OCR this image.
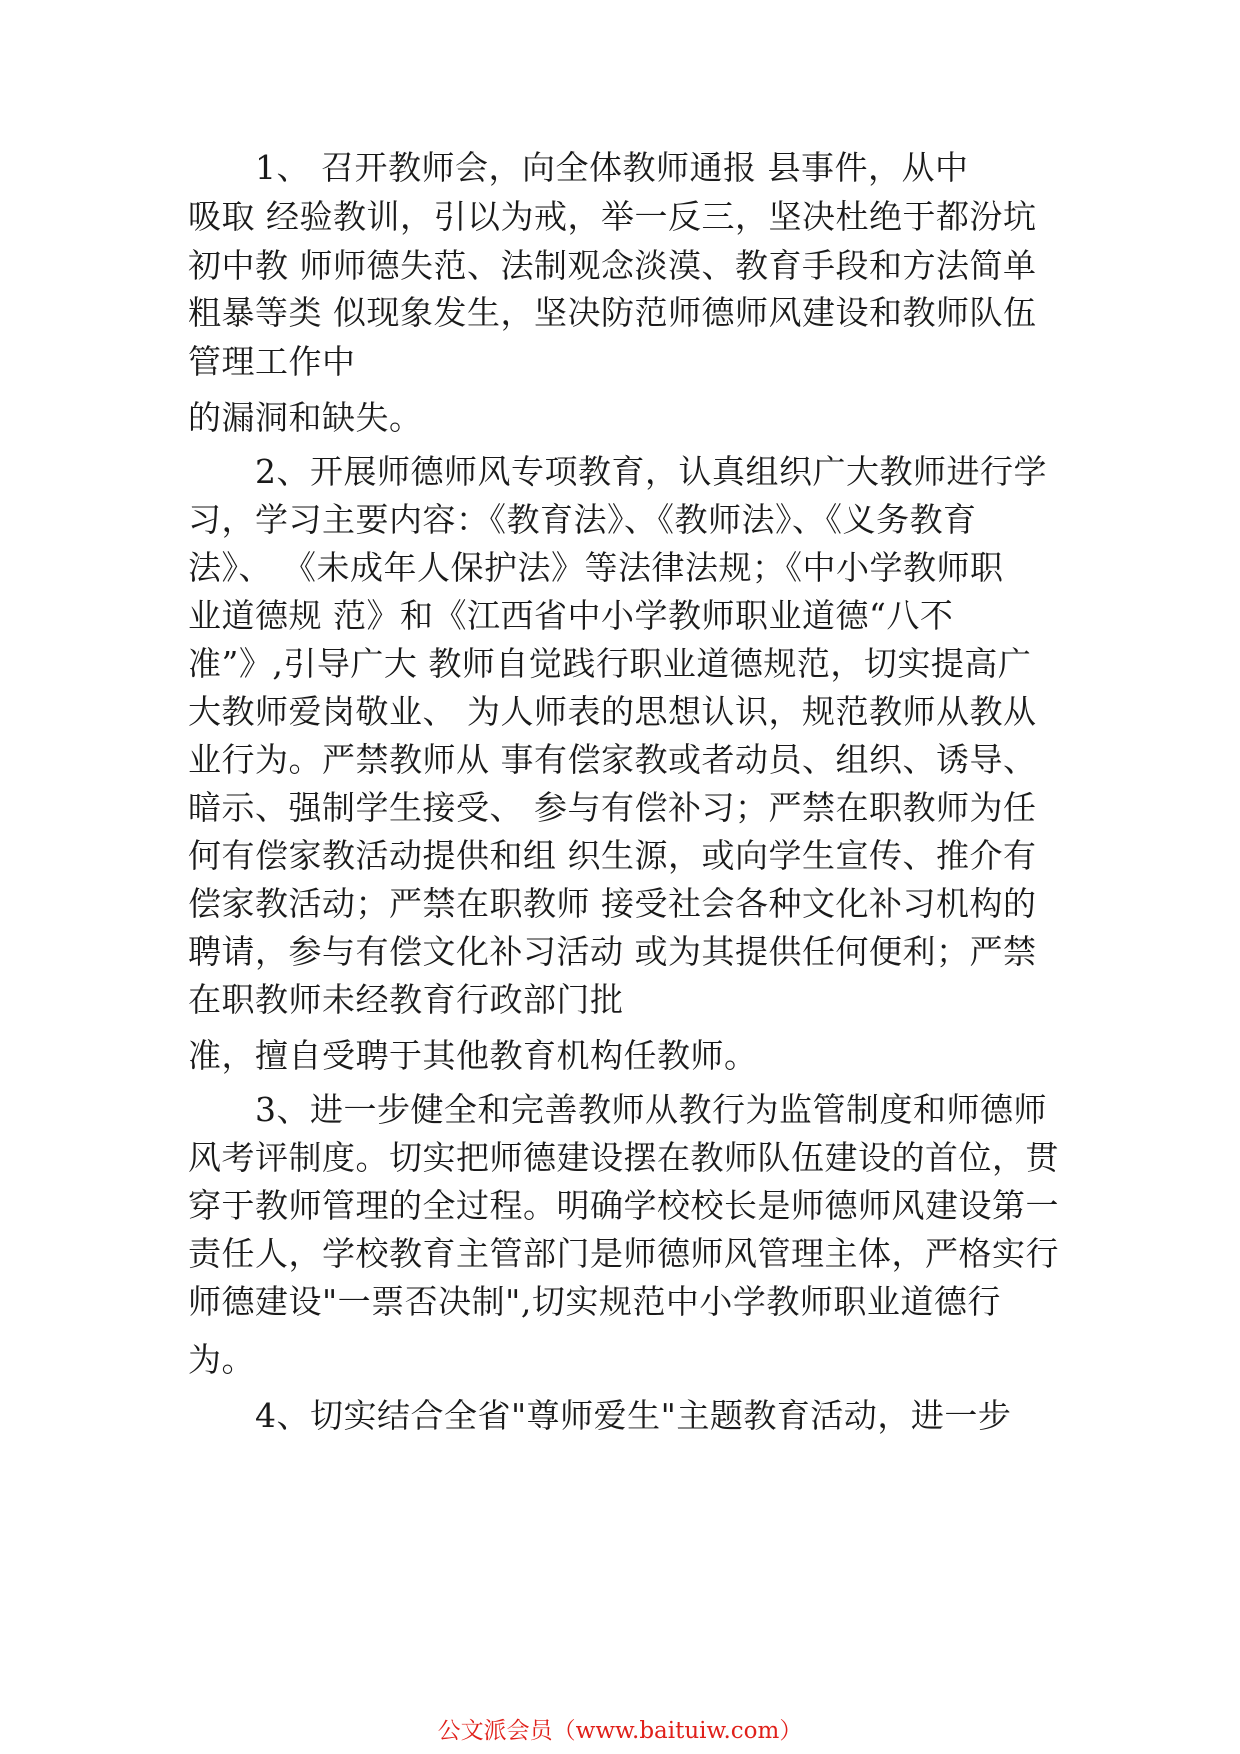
　　1、 召开教师会，向全体教师通报 县事件，从中
吸取 经验教训，引以为戒，举一反三，坚决杜绝于都汾坑
初中教 师师德失范、法制观念淡漠、教育手段和方法简单
粗暴等类 似现象发生，坚决防范师德师风建设和教师队伍
管理工作中
的漏洞和缺失。
　　2、开展师德师风专项教育，认真组织广大教师进行学
习，学习主要内容：《教育法》、《教师法》、《义务教育
法》、 《未成年人保护法》等法律法规；《中小学教师职
业道德规 范》和《江西省中小学教师职业道德“八不
准”》,引导广大 教师自觉践行职业道德规范，切实提高广
大教师爱岗敬业、 为人师表的思想认识，规范教师从教从
业行为。严禁教师从 事有偿家教或者动员、组织、诱导、
暗示、强制学生接受、 参与有偿补习；严禁在职教师为任
何有偿家教活动提供和组 织生源，或向学生宣传、推介有
偿家教活动；严禁在职教师 接受社会各种文化补习机构的
聘请，参与有偿文化补习活动 或为其提供任何便利；严禁
在职教师未经教育行政部门批
准，擅自受聘于其他教育机构任教师。
　　3、进一步健全和完善教师从教行为监管制度和师德师
风考评制度。切实把师德建设摆在教师队伍建设的首位，贯
穿于教师管理的全过程。明确学校校长是师德师风建设第一
责任人，学校教育主管部门是师德师风管理主体，严格实行
师德建设"一票否决制",切实规范中小学教师职业道德行
为。
　　4、切实结合全省"尊师爱生"主题教育活动，进一步
公文派会员（www.baituiw.com）
